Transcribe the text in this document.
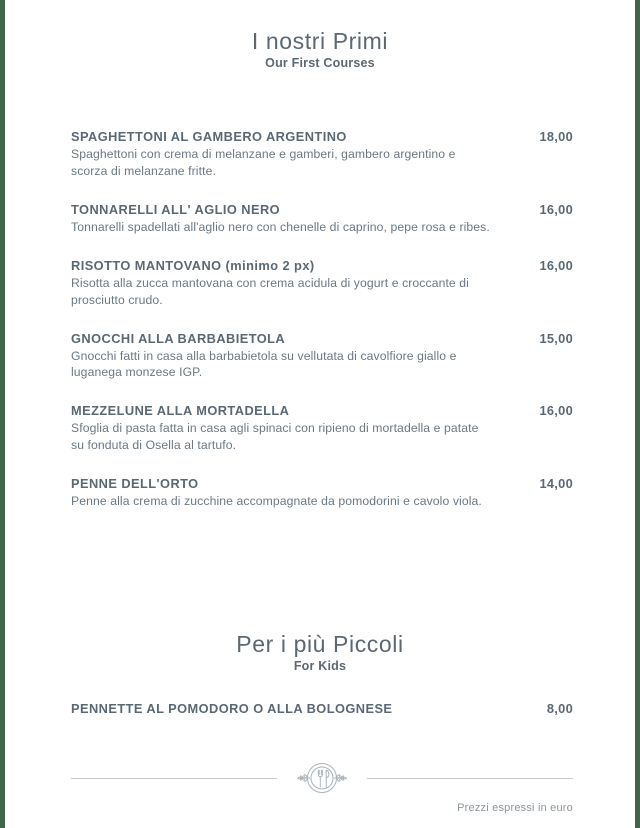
I nostri Primi
Our First Courses
SPAGHETTONI AL GAMBERO ARGENTINO	18,00
Spaghettoni con crema di melanzane e gamberi, gambero argentino e scorza di melanzane fritte.
TONNARELLI ALL' AGLIO NERO	16,00
Tonnarelli spadellati all'aglio nero con chenelle di caprino, pepe rosa e ribes.
RISOTTO MANTOVANO (minimo 2 px)	16,00
Risotta alla zucca mantovana con crema acidula di yogurt e croccante di prosciutto crudo.
GNOCCHI ALLA BARBABIETOLA	15,00
Gnocchi fatti in casa alla barbabietola su vellutata di cavolfiore giallo e luganega monzese IGP.
MEZZELUNE ALLA MORTADELLA	16,00
Sfoglia di pasta fatta in casa agli spinaci con ripieno di mortadella e patate su fonduta di Osella al tartufo.
PENNE DELL'ORTO	14,00
Penne alla crema di zucchine accompagnate da pomodorini e cavolo viola.
Per i più Piccoli
For Kids
PENNETTE AL POMODORO O ALLA BOLOGNESE	8,00
Prezzi espressi in euro
